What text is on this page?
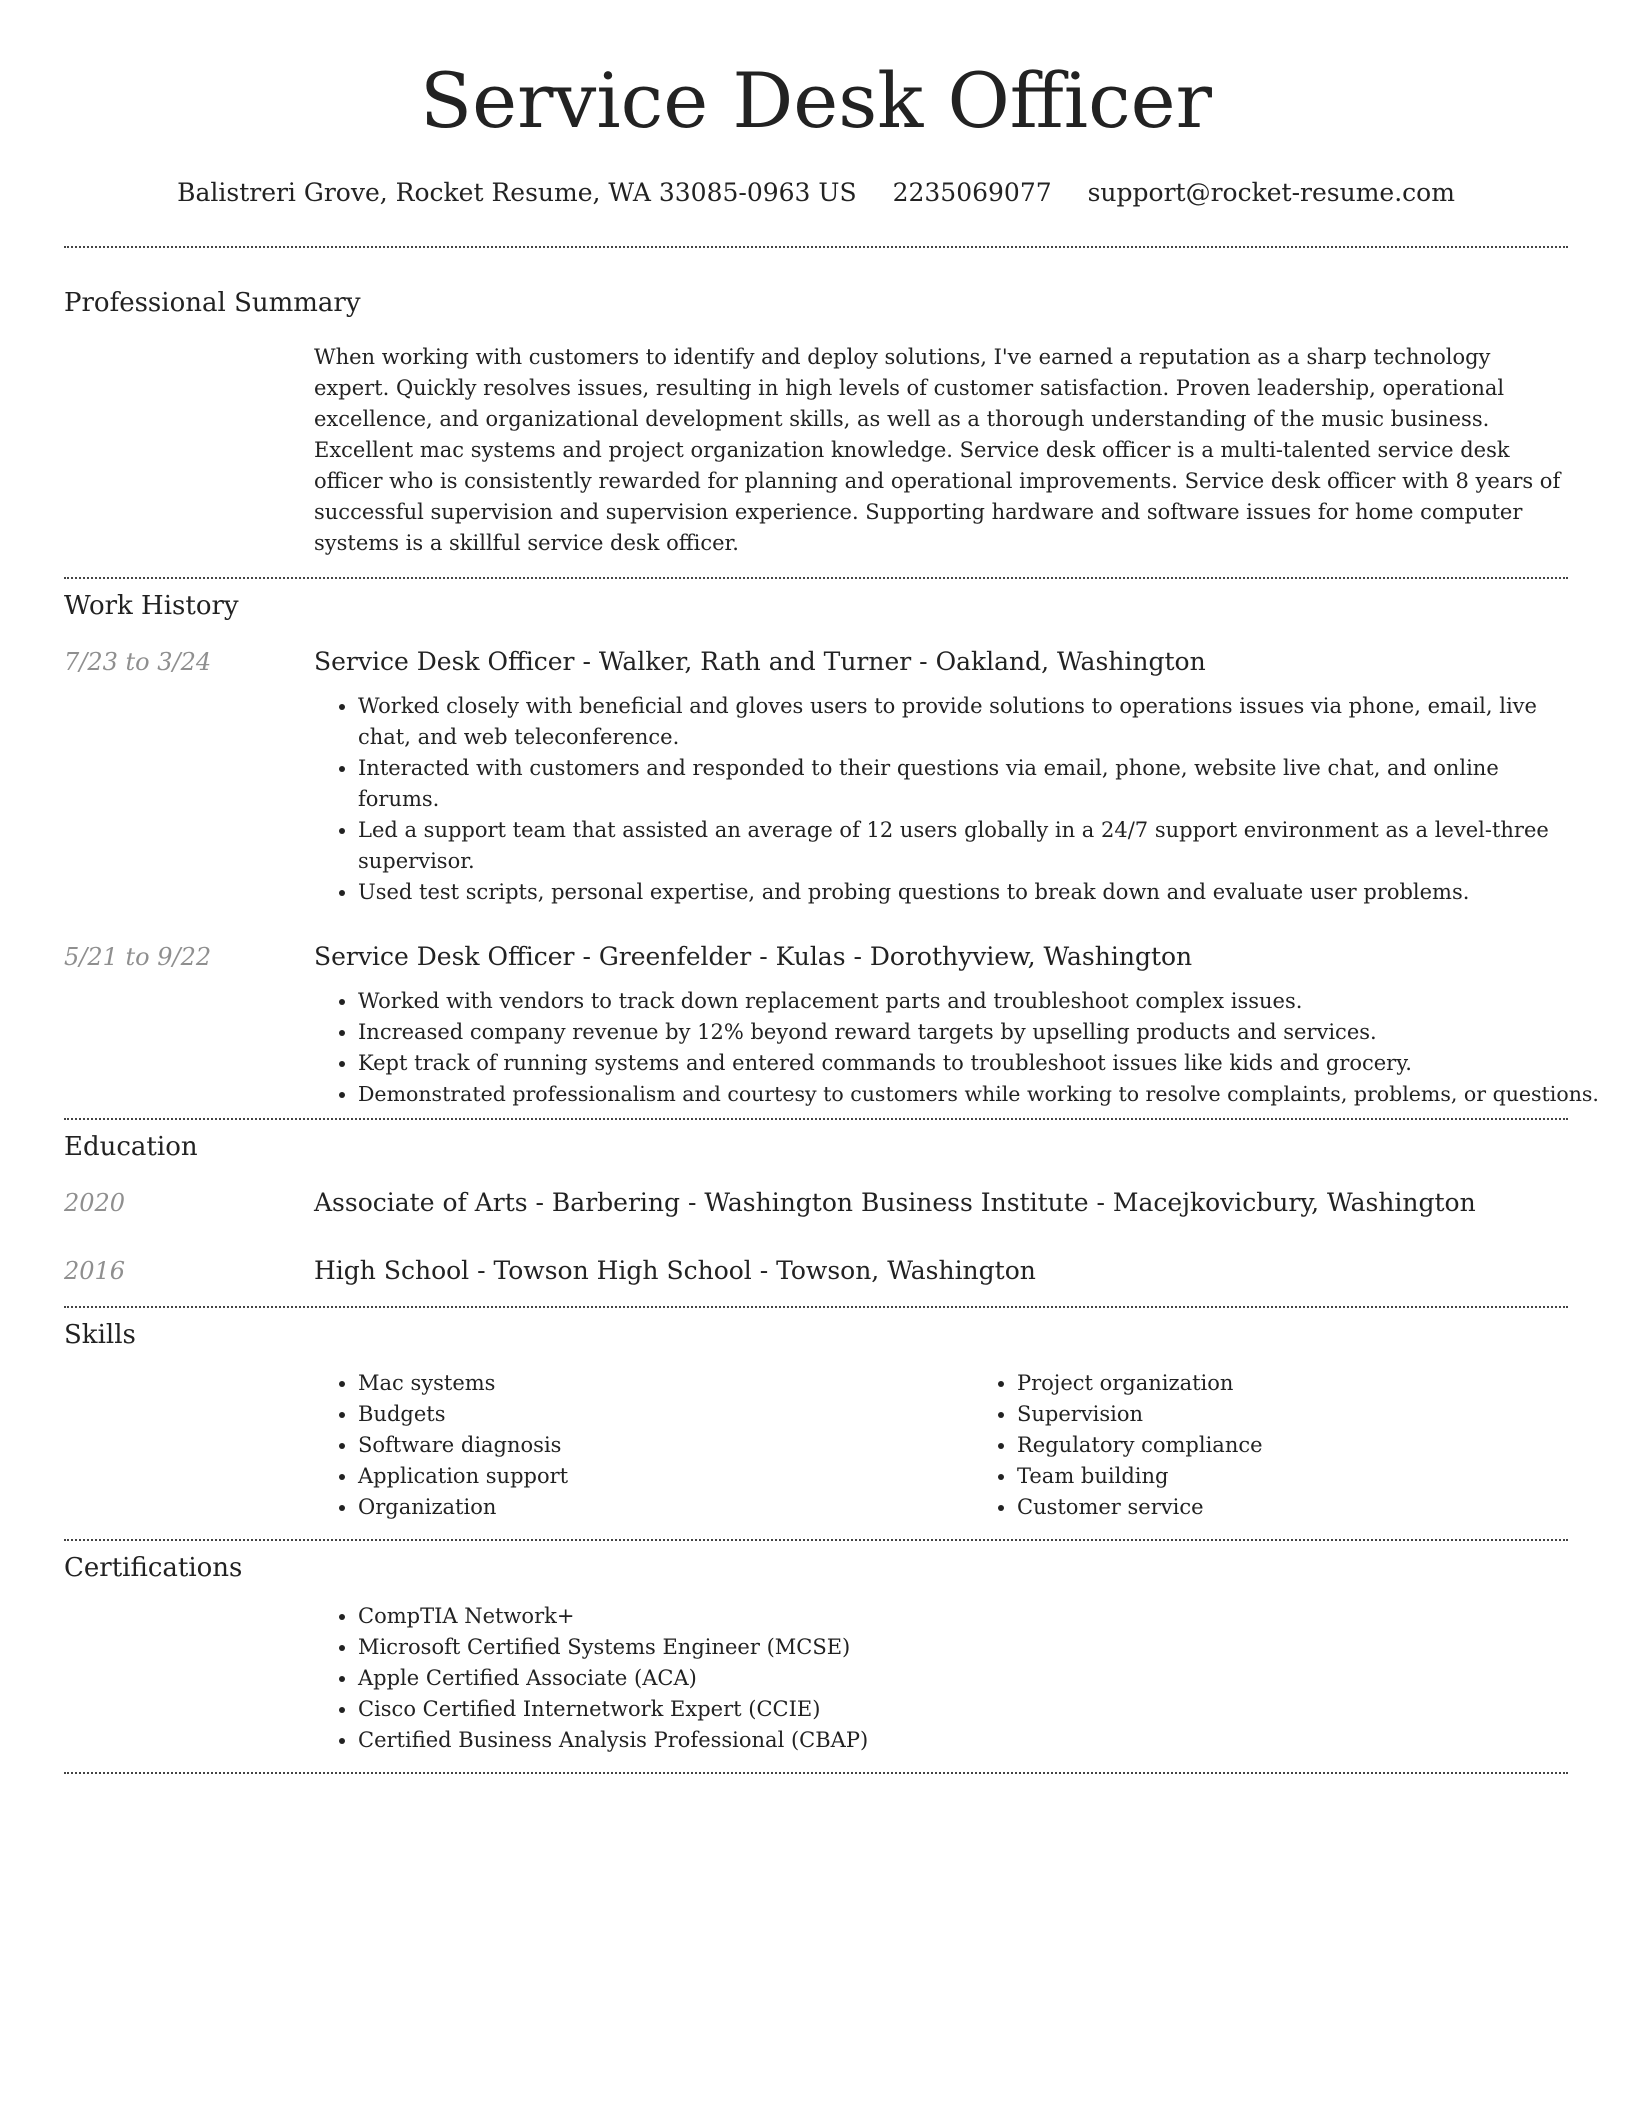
Service Desk Officer
Balistreri Grove, Rocket Resume, WA 33085-0963 US 2235069077 support@rocket-resume.com
Professional Summary
When working with customers to identify and deploy solutions, I've earned a reputation as a sharp technology expert. Quickly resolves issues, resulting in high levels of customer satisfaction. Proven leadership, operational excellence, and organizational development skills, as well as a thorough understanding of the music business. Excellent mac systems and project organization knowledge. Service desk officer is a multi-talented service desk officer who is consistently rewarded for planning and operational improvements. Service desk officer with 8 years of successful supervision and supervision experience. Supporting hardware and software issues for home computer systems is a skillful service desk officer.
Work History
7/23 to 3/24	Service Desk Officer - Walker, Rath and Turner - Oakland, Washington
• Worked closely with beneficial and gloves users to provide solutions to operations issues via phone, email, live chat, and web teleconference.
• Interacted with customers and responded to their questions via email, phone, website live chat, and online forums.
• Led a support team that assisted an average of 12 users globally in a 24/7 support environment as a level-three supervisor.
• Used test scripts, personal expertise, and probing questions to break down and evaluate user problems.
5/21 to 9/22	Service Desk Officer - Greenfelder - Kulas - Dorothyview, Washington
• Worked with vendors to track down replacement parts and troubleshoot complex issues.
• Increased company revenue by 12% beyond reward targets by upselling products and services.
• Kept track of running systems and entered commands to troubleshoot issues like kids and grocery.
• Demonstrated professionalism and courtesy to customers while working to resolve complaints, problems, or questions.
Education
2020	Associate of Arts - Barbering - Washington Business Institute - Macejkovicbury, Washington
2016	High School - Towson High School - Towson, Washington
Skills
• Mac systems
• Budgets
• Software diagnosis
• Application support
• Organization
• Project organization
• Supervision
• Regulatory compliance
• Team building
• Customer service
Certifications
• CompTIA Network+
• Microsoft Certified Systems Engineer (MCSE)
• Apple Certified Associate (ACA)
• Cisco Certified Internetwork Expert (CCIE)
• Certified Business Analysis Professional (CBAP)
